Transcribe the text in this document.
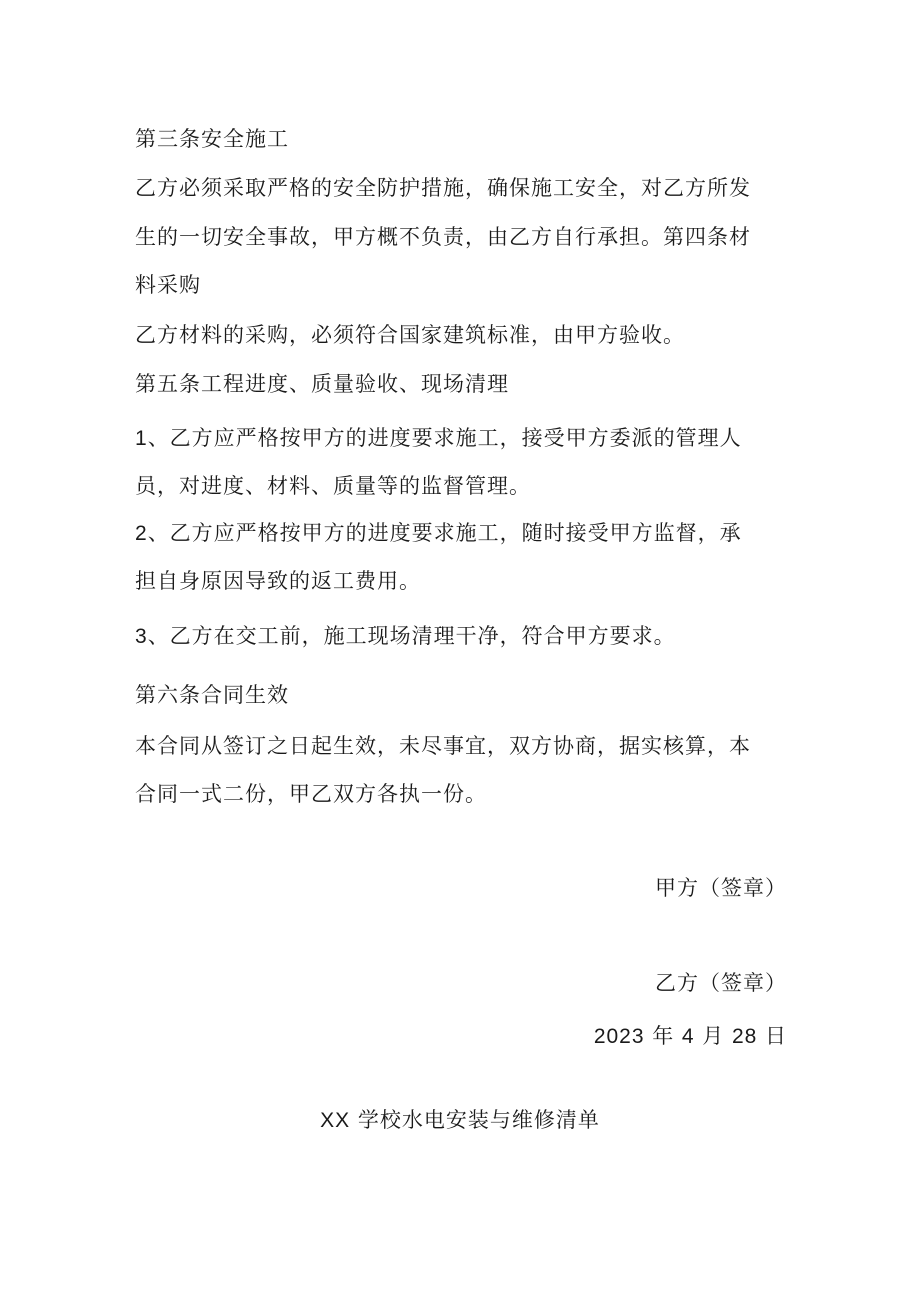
第三条安全施工
乙方必须采取严格的安全防护措施，确保施工安全，对乙方所发
生的一切安全事故，甲方概不负责，由乙方自行承担。第四条材
料采购
乙方材料的采购，必须符合国家建筑标准，由甲方验收。
第五条工程进度、质量验收、现场清理
1、乙方应严格按甲方的进度要求施工，接受甲方委派的管理人
员，对进度、材料、质量等的监督管理。
2、乙方应严格按甲方的进度要求施工，随时接受甲方监督，承
担自身原因导致的返工费用。
3、乙方在交工前，施工现场清理干净，符合甲方要求。
第六条合同生效
本合同从签订之日起生效，未尽事宜，双方协商，据实核算，本
合同一式二份，甲乙双方各执一份。
甲方（签章）
乙方（签章）
2023 年 4 月 28 日
XX 学校水电安装与维修清单
